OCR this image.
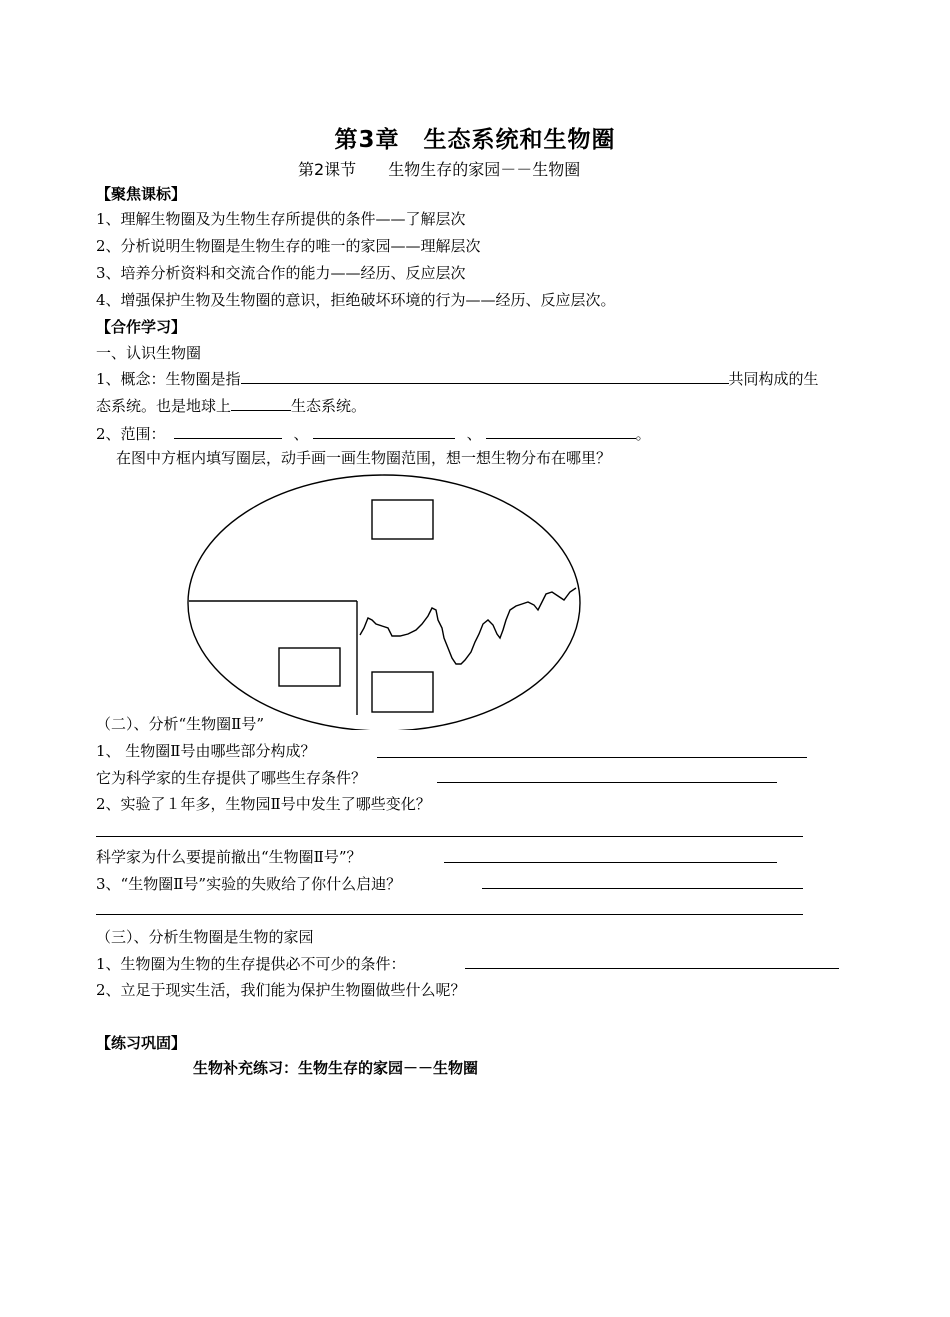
第3章　生态系统和生物圈
第2课节 生物生存的家园－－生物圈
【聚焦课标】
1、理解生物圈及为生物生存所提供的条件——了解层次
2、分析说明生物圈是生物生存的唯一的家园——理解层次
3、培养分析资料和交流合作的能力——经历、反应层次
4、增强保护生物及生物圈的意识，拒绝破坏环境的行为——经历、反应层次。
【合作学习】
一、认识生物圈
1、概念：生物圈是指	共同构成的生
态系统。也是地球上	生态系统。
2、范围：	、	、	。
在图中方框内填写圈层，动手画一画生物圈范围，想一想生物分布在哪里？
（二）、分析“生物圈Ⅱ号”
1、 生物圈Ⅱ号由哪些部分构成？
它为科学家的生存提供了哪些生存条件？
2、实验了１年多，生物园Ⅱ号中发生了哪些变化？
科学家为什么要提前撤出“生物圈Ⅱ号”？
3、“生物圈Ⅱ号”实验的失败给了你什么启迪？
（三）、分析生物圈是生物的家园
1、生物圈为生物的生存提供必不可少的条件：
2、立足于现实生活，我们能为保护生物圈做些什么呢？
【练习巩固】
生物补充练习：生物生存的家园－－生物圈
